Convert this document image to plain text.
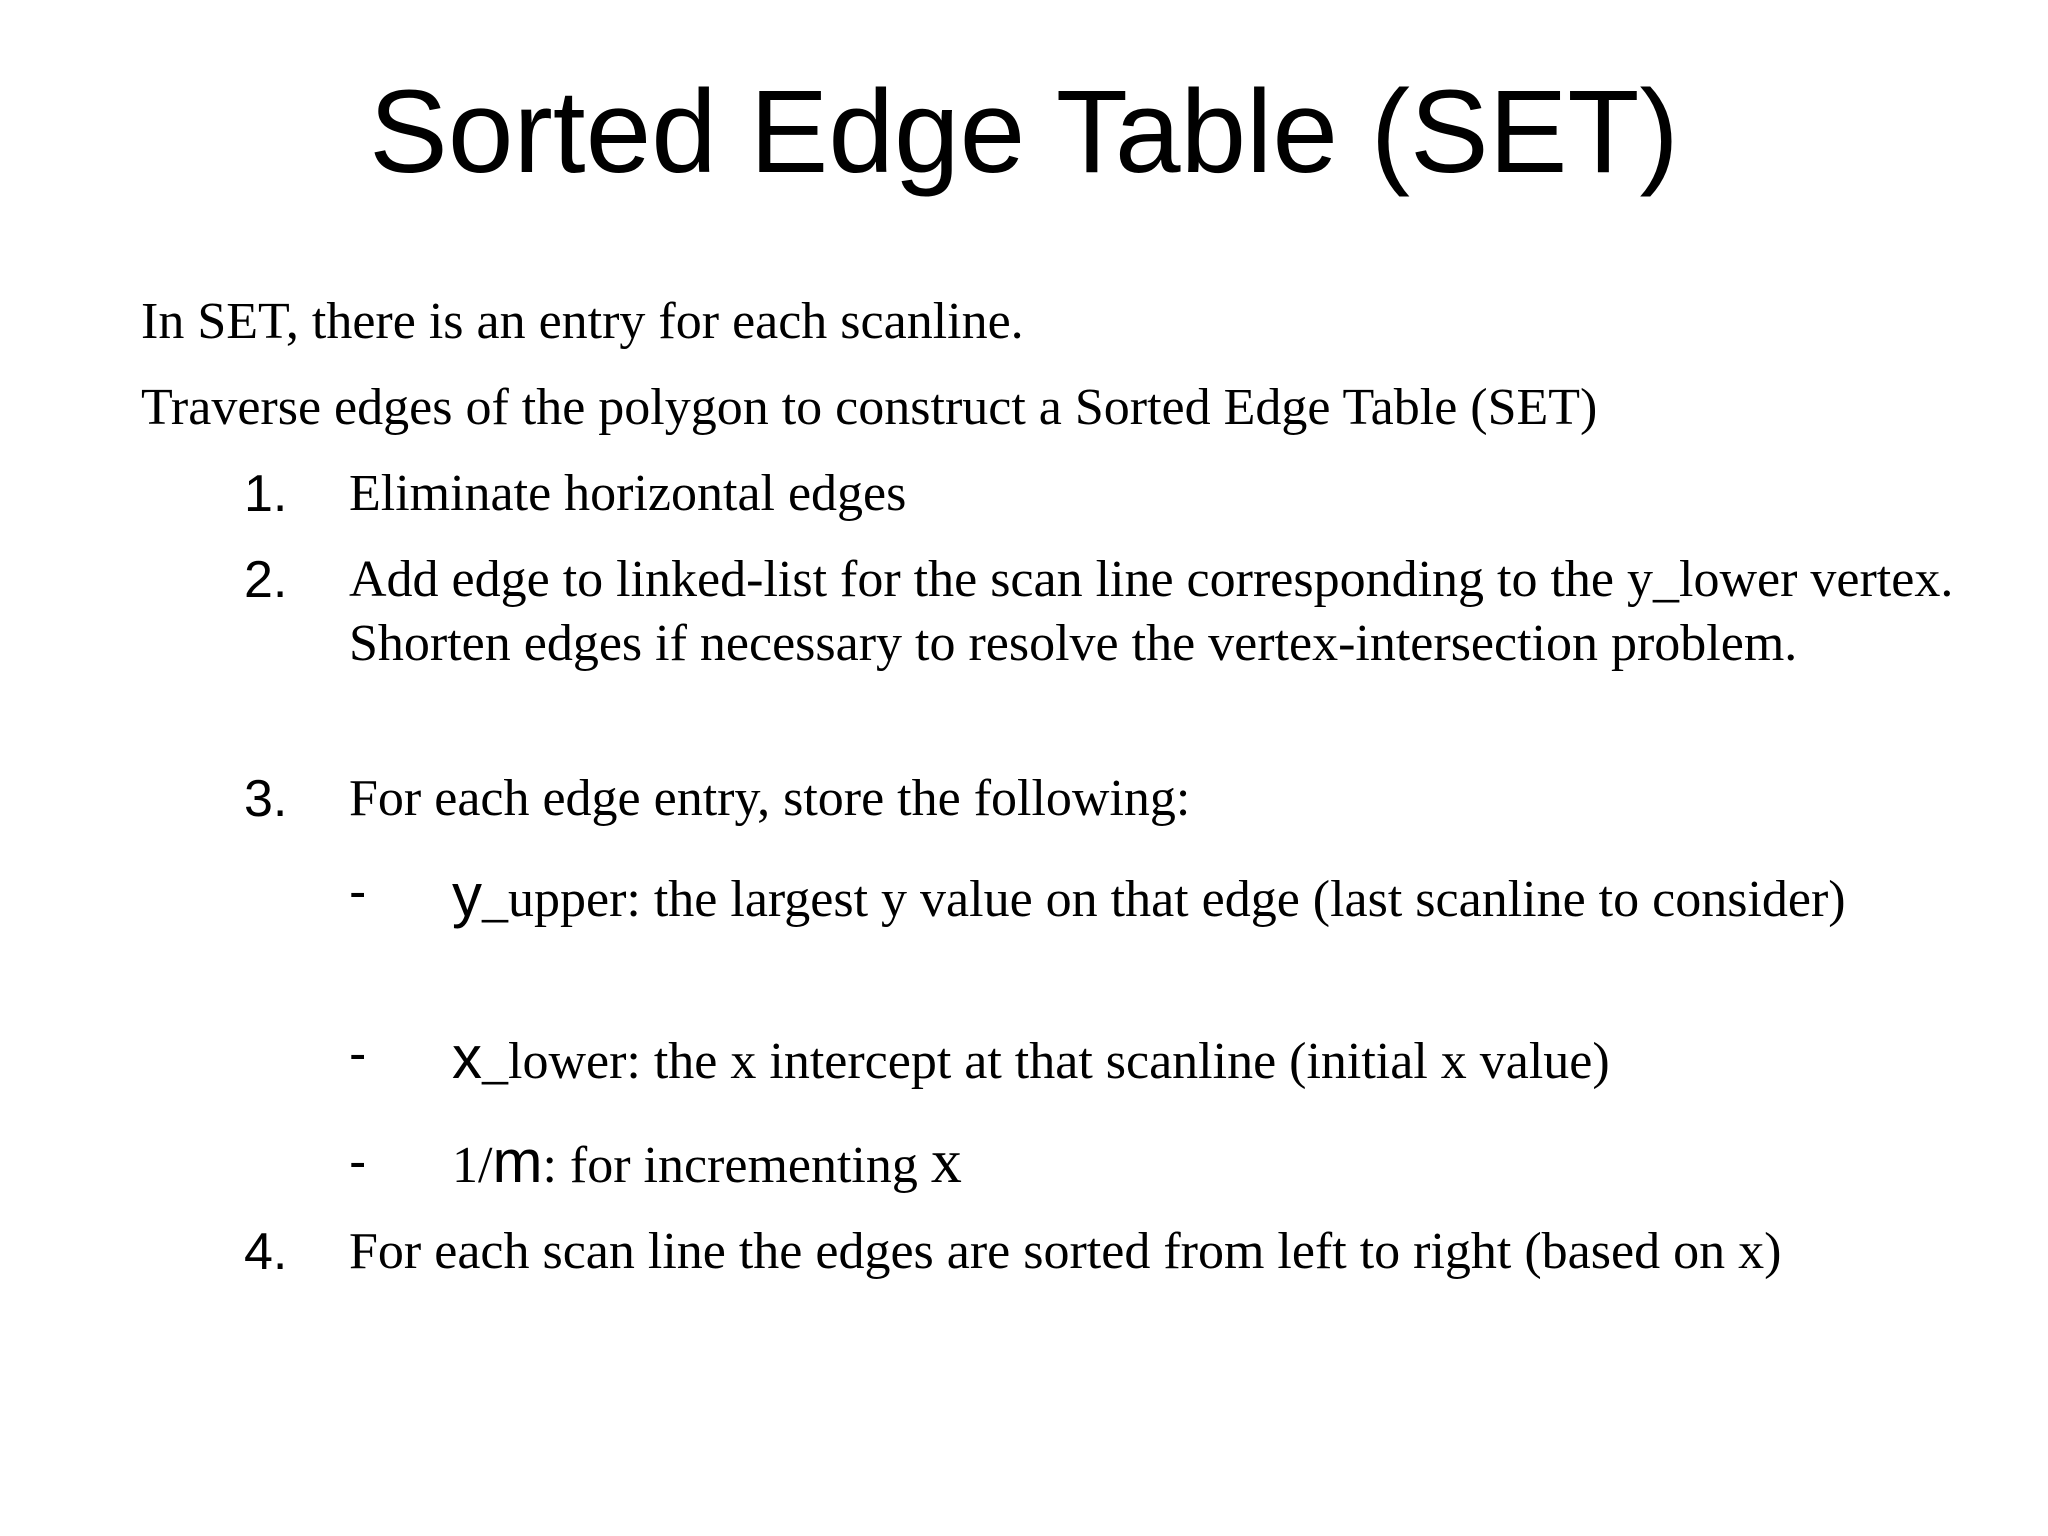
Sorted Edge Table (SET)
In SET, there is an entry for each scanline.
Traverse edges of the polygon to construct a Sorted Edge Table (SET)
1.	Eliminate horizontal edges
2.	Add edge to linked-list for the scan line corresponding to the y_lower vertex. Shorten edges if necessary to resolve the vertex-intersection problem.
3.	For each edge entry, store the following:
-	y_upper: the largest y value on that edge (last scanline to consider)
-	x_lower: the x intercept at that scanline (initial x value)
-	1/m: for incrementing x
4.	For each scan line the edges are sorted from left to right (based on x)
